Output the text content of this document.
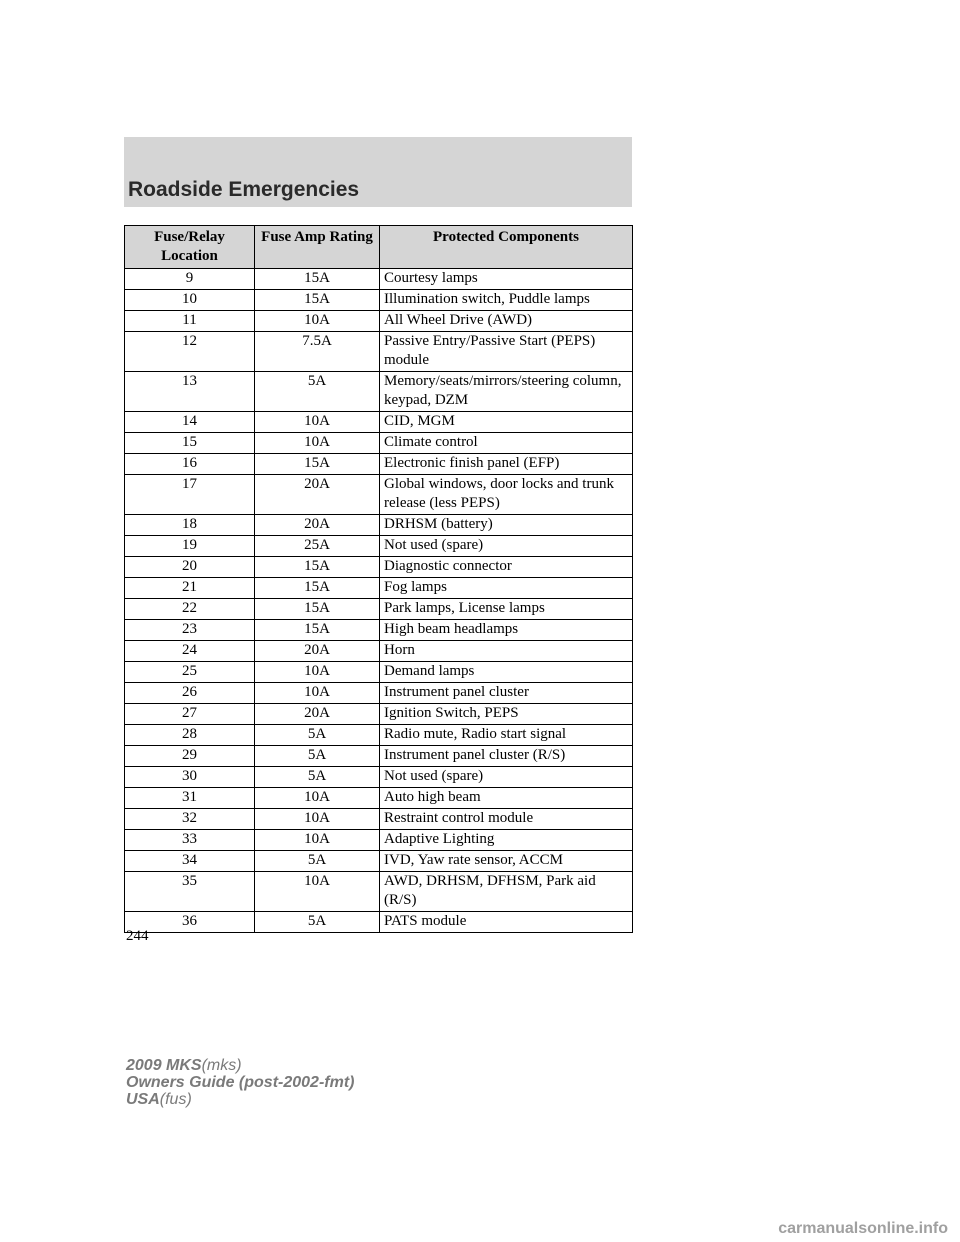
Roadside Emergencies
Fuse/Relay Location	Fuse Amp Rating	Protected Components
9	15A	Courtesy lamps
10	15A	Illumination switch, Puddle lamps
11	10A	All Wheel Drive (AWD)
12	7.5A	Passive Entry/Passive Start (PEPS) module
13	5A	Memory/seats/mirrors/steering column, keypad, DZM
14	10A	CID, MGM
15	10A	Climate control
16	15A	Electronic finish panel (EFP)
17	20A	Global windows, door locks and trunk release (less PEPS)
18	20A	DRHSM (battery)
19	25A	Not used (spare)
20	15A	Diagnostic connector
21	15A	Fog lamps
22	15A	Park lamps, License lamps
23	15A	High beam headlamps
24	20A	Horn
25	10A	Demand lamps
26	10A	Instrument panel cluster
27	20A	Ignition Switch, PEPS
28	5A	Radio mute, Radio start signal
29	5A	Instrument panel cluster (R/S)
30	5A	Not used (spare)
31	10A	Auto high beam
32	10A	Restraint control module
33	10A	Adaptive Lighting
34	5A	IVD, Yaw rate sensor, ACCM
35	10A	AWD, DRHSM, DFHSM, Park aid (R/S)
36	5A	PATS module
244
2009 MKS(mks)
Owners Guide (post-2002-fmt)
USA(fus)
carmanualsonline.info
